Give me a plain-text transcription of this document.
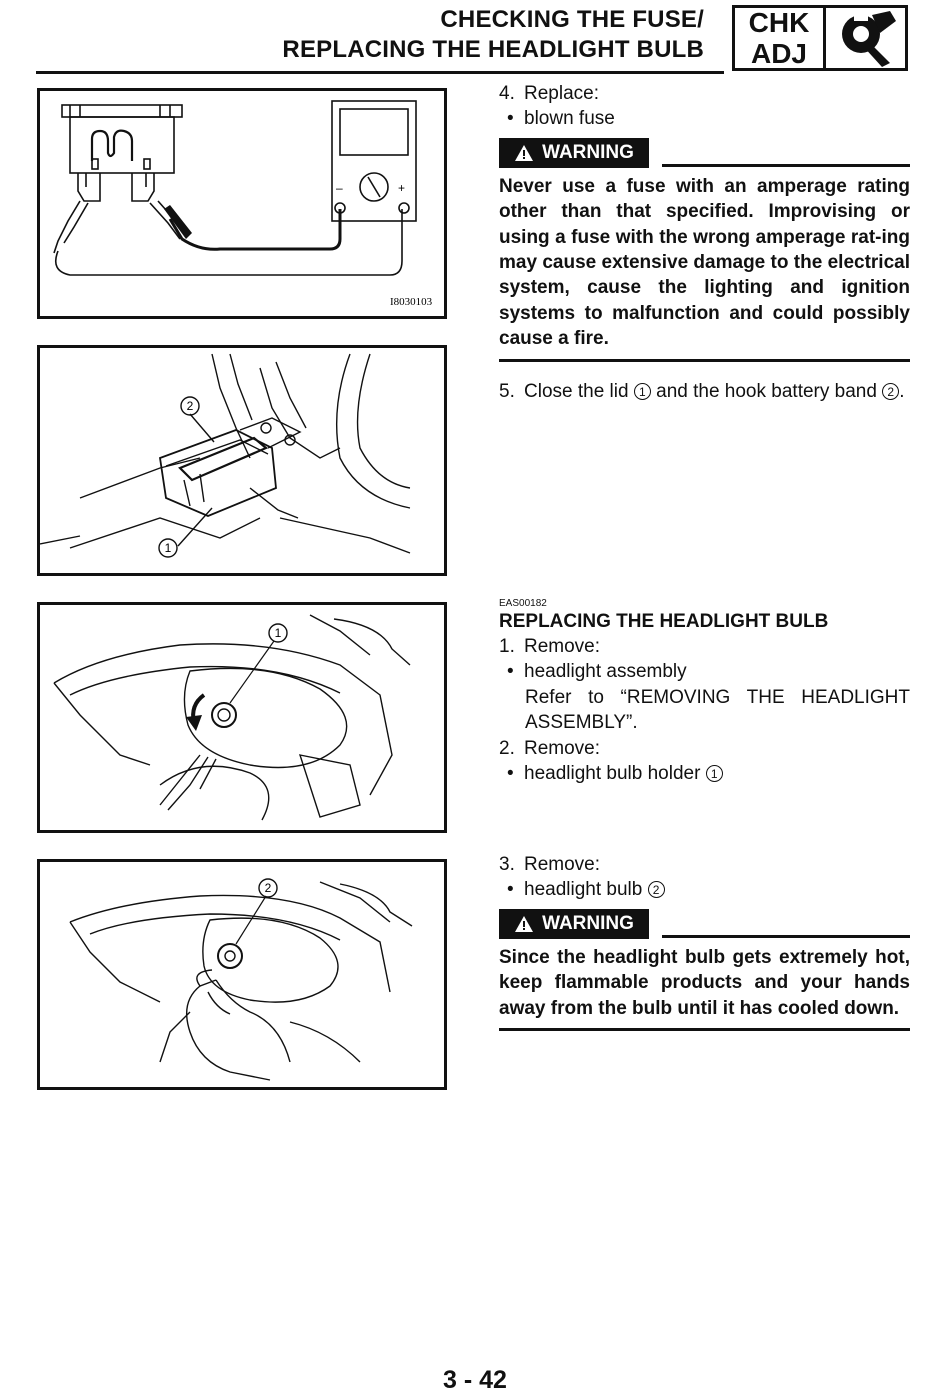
CHECKING THE FUSE/
REPLACING THE HEADLIGHT BULB
CHK
ADJ
–	+
I8030103
2
1
1
2
4. Replace:
• blown fuse
WARNING
Never use a fuse with an amperage rating other than that specified. Improvising or using a fuse with the wrong amperage rat-ing may cause extensive damage to the electrical system, cause the lighting and ignition systems to malfunction and could possibly cause a fire.
5. Close the lid 1 and the hook battery band 2 .
EAS00182
REPLACING THE HEADLIGHT BULB
1. Remove:
• headlight assembly
Refer to “REMOVING THE HEADLIGHT ASSEMBLY”.
2. Remove:
• headlight bulb holder 1
3. Remove:
• headlight bulb 2
WARNING
Since the headlight bulb gets extremely hot, keep flammable products and your hands away from the bulb until it has cooled down.
3 - 42
